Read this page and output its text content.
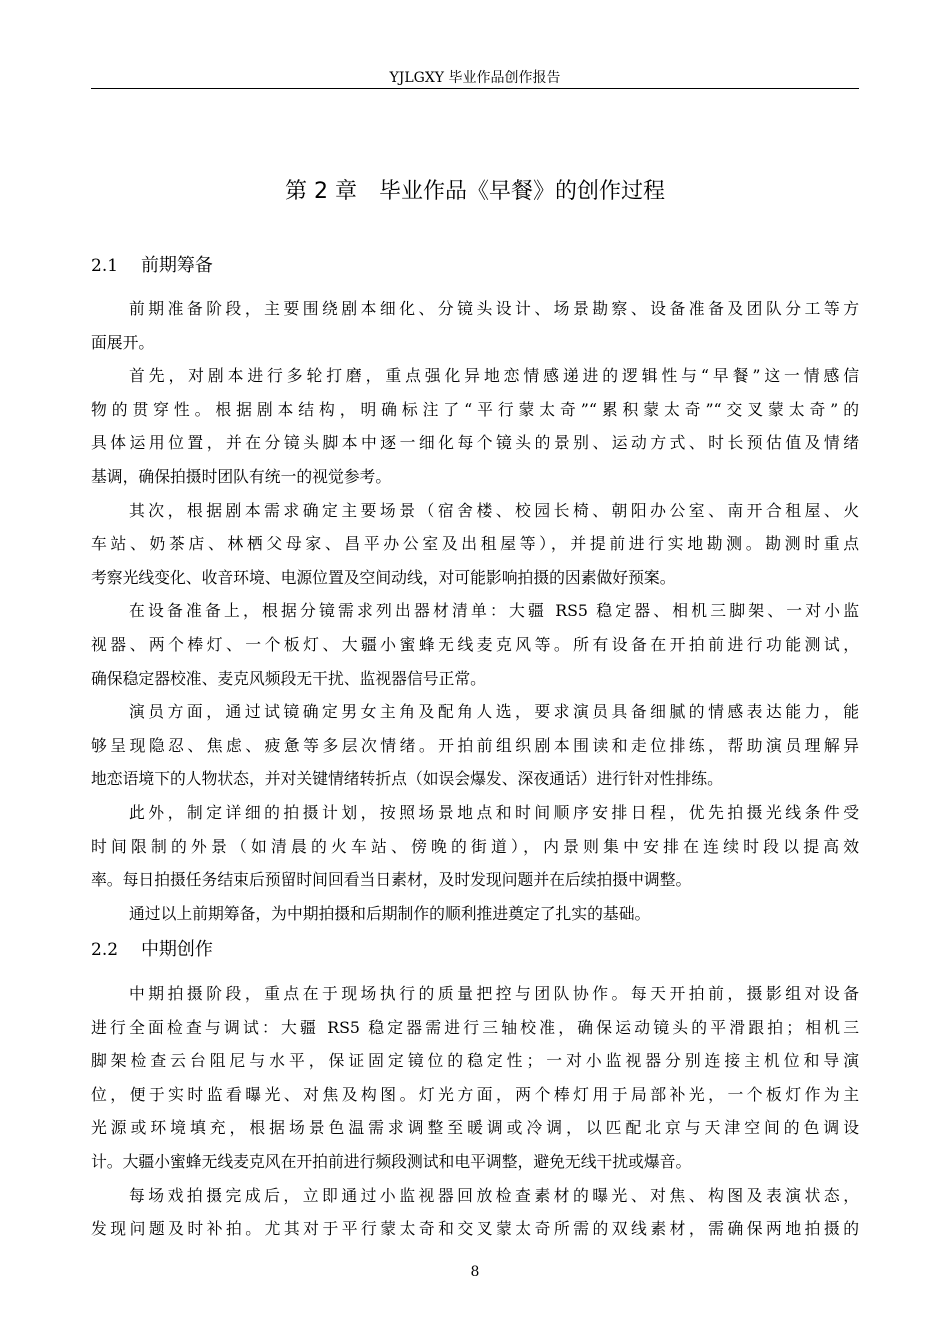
YJLGXY 毕业作品创作报告
第 2 章　毕业作品《早餐》的创作过程
2.1 前期筹备
前期准备阶段，主要围绕剧本细化、分镜头设计、场景勘察、设备准备及团队分工等方
面展开。
首先，对剧本进行多轮打磨，重点强化异地恋情感递进的逻辑性与“早餐”这一情感信
物的贯穿性。根据剧本结构，明确标注了“平行蒙太奇”“累积蒙太奇”“交叉蒙太奇”的
具体运用位置，并在分镜头脚本中逐一细化每个镜头的景别、运动方式、时长预估值及情绪
基调，确保拍摄时团队有统一的视觉参考。
其次，根据剧本需求确定主要场景（宿舍楼、校园长椅、朝阳办公室、南开合租屋、火
车站、奶茶店、林栖父母家、昌平办公室及出租屋等），并提前进行实地勘测。勘测时重点
考察光线变化、收音环境、电源位置及空间动线，对可能影响拍摄的因素做好预案。
在设备准备上，根据分镜需求列出器材清单：大疆 RS5 稳定器、相机三脚架、一对小监
视器、两个棒灯、一个板灯、大疆小蜜蜂无线麦克风等。所有设备在开拍前进行功能测试，
确保稳定器校准、麦克风频段无干扰、监视器信号正常。
演员方面，通过试镜确定男女主角及配角人选，要求演员具备细腻的情感表达能力，能
够呈现隐忍、焦虑、疲惫等多层次情绪。开拍前组织剧本围读和走位排练，帮助演员理解异
地恋语境下的人物状态，并对关键情绪转折点（如误会爆发、深夜通话）进行针对性排练。
此外，制定详细的拍摄计划，按照场景地点和时间顺序安排日程，优先拍摄光线条件受
时间限制的外景（如清晨的火车站、傍晚的街道），内景则集中安排在连续时段以提高效
率。每日拍摄任务结束后预留时间回看当日素材，及时发现问题并在后续拍摄中调整。
通过以上前期筹备，为中期拍摄和后期制作的顺利推进奠定了扎实的基础。
2.2 中期创作
中期拍摄阶段，重点在于现场执行的质量把控与团队协作。每天开拍前，摄影组对设备
进行全面检查与调试：大疆 RS5 稳定器需进行三轴校准，确保运动镜头的平滑跟拍；相机三
脚架检查云台阻尼与水平，保证固定镜位的稳定性；一对小监视器分别连接主机位和导演
位，便于实时监看曝光、对焦及构图。灯光方面，两个棒灯用于局部补光，一个板灯作为主
光源或环境填充，根据场景色温需求调整至暖调或冷调，以匹配北京与天津空间的色调设
计。大疆小蜜蜂无线麦克风在开拍前进行频段测试和电平调整，避免无线干扰或爆音。
每场戏拍摄完成后，立即通过小监视器回放检查素材的曝光、对焦、构图及表演状态，
发现问题及时补拍。尤其对于平行蒙太奇和交叉蒙太奇所需的双线素材，需确保两地拍摄的
8
